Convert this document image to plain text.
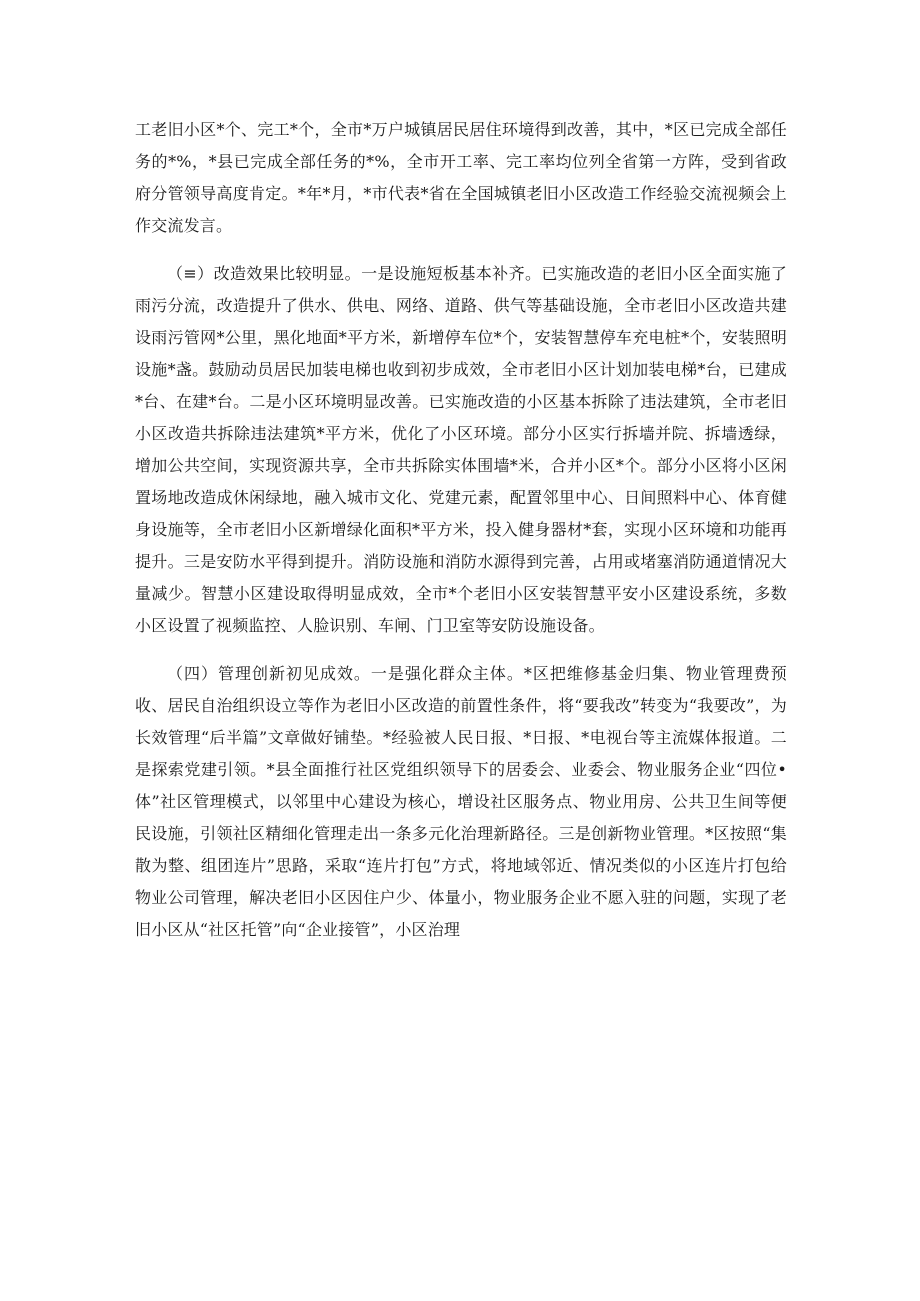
工老旧小区*个、完工*个，全市*万户城镇居民居住环境得到改善，其中，*区已完成全部任务的*%，*县已完成全部任务的*%，全市开工率、完工率均位列全省第一方阵，受到省政府分管领导高度肯定。*年*月，*市代表*省在全国城镇老旧小区改造工作经验交流视频会上作交流发言。

（≡）改造效果比较明显。一是设施短板基本补齐。已实施改造的老旧小区全面实施了雨污分流，改造提升了供水、供电、网络、道路、供气等基础设施，全市老旧小区改造共建设雨污管网*公里，黑化地面*平方米，新增停车位*个，安装智慧停车充电桩*个，安装照明设施*盏。鼓励动员居民加装电梯也收到初步成效，全市老旧小区计划加装电梯*台，已建成*台、在建*台。二是小区环境明显改善。已实施改造的小区基本拆除了违法建筑，全市老旧小区改造共拆除违法建筑*平方米，优化了小区环境。部分小区实行拆墙并院、拆墙透绿，增加公共空间，实现资源共享，全市共拆除实体围墙*米，合并小区*个。部分小区将小区闲置场地改造成休闲绿地，融入城市文化、党建元素，配置邻里中心、日间照料中心、体育健身设施等，全市老旧小区新增绿化面积*平方米，投入健身器材*套，实现小区环境和功能再提升。三是安防水平得到提升。消防设施和消防水源得到完善，占用或堵塞消防通道情况大量减少。智慧小区建设取得明显成效，全市*个老旧小区安装智慧平安小区建设系统，多数小区设置了视频监控、人脸识别、车闸、门卫室等安防设施设备。

（四）管理创新初见成效。一是强化群众主体。*区把维修基金归集、物业管理费预收、居民自治组织设立等作为老旧小区改造的前置性条件，将“要我改”转变为“我要改”，为长效管理“后半篇”文章做好铺垫。*经验被人民日报、*日报、*电视台等主流媒体报道。二是探索党建引领。*县全面推行社区党组织领导下的居委会、业委会、物业服务企业“四位•体”社区管理模式，以邻里中心建设为核心，增设社区服务点、物业用房、公共卫生间等便民设施，引领社区精细化管理走出一条多元化治理新路径。三是创新物业管理。*区按照“集散为整、组团连片”思路，采取“连片打包”方式，将地域邻近、情况类似的小区连片打包给物业公司管理，解决老旧小区因住户少、体量小，物业服务企业不愿入驻的问题，实现了老旧小区从“社区托管”向“企业接管”，小区治理
